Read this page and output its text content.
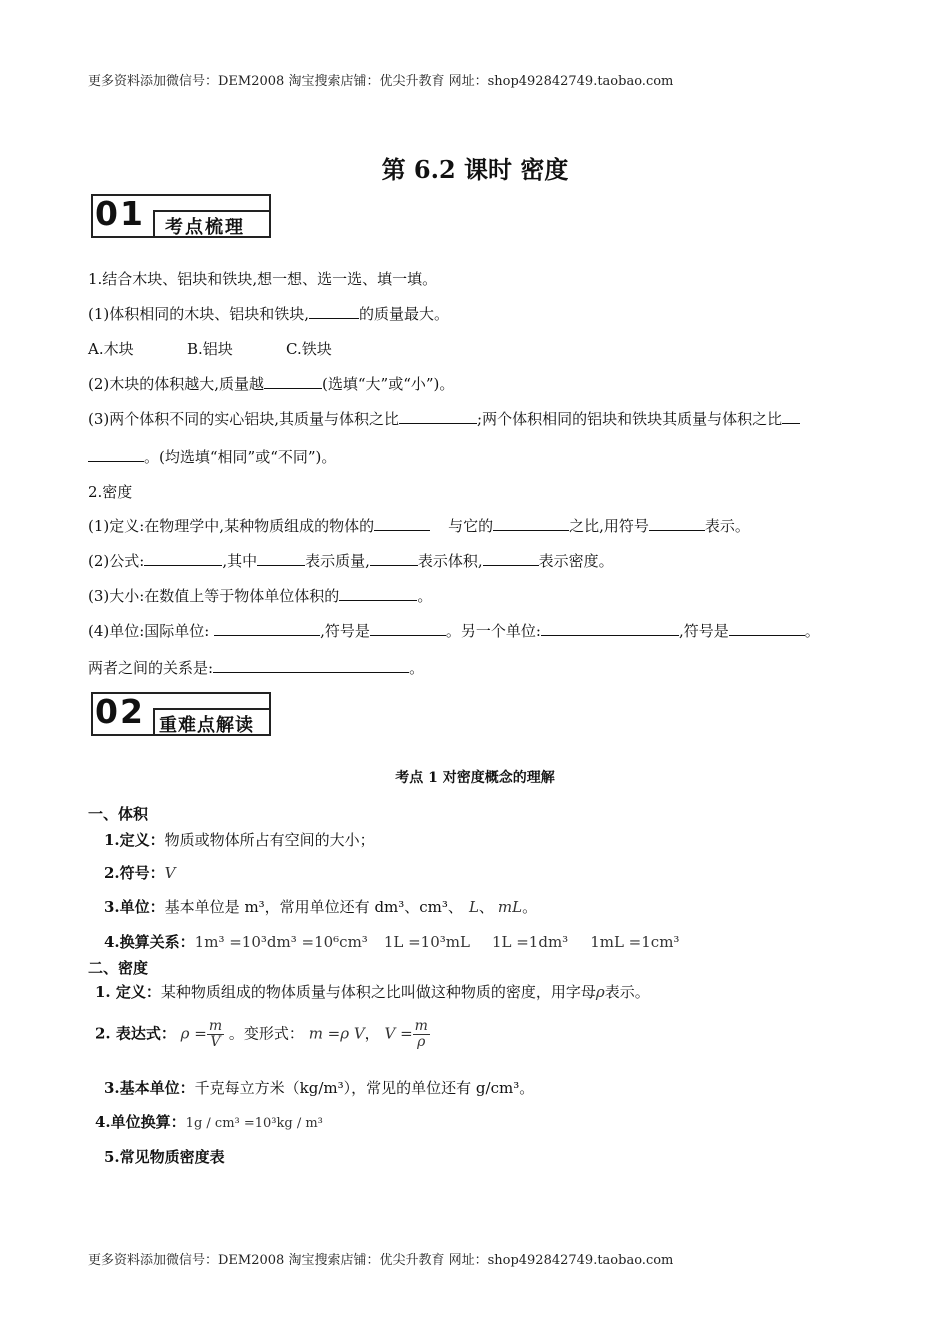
更多资料添加微信号：DEM2008 淘宝搜索店铺：优尖升教育 网址：shop492842749.taobao.com
第 6.2 课时 密度
01 考点梳理
1.结合木块、铝块和铁块,想一想、选一选、填一填。
(1)体积相同的木块、铝块和铁块,	的质量最大。
A.木块	B.铝块	C.铁块
(2)木块的体积越大,质量越	(选填“大”或“小”)。
(3)两个体积不同的实心铝块,其质量与体积之比	;两个体积相同的铝块和铁块其质量与体积之比
。(均选填“相同”或“不同”)。
2.密度
(1)定义:在物理学中,某种物质组成的物体的	与它的	之比,用符号	表示。
(2)公式:	,其中	表示质量,	表示体积,	表示密度。
(3)大小:在数值上等于物体单位体积的	。
(4)单位:国际单位:	,符号是	。另一个单位:	,符号是	。
两者之间的关系是:	。
02 重难点解读
考点 1 对密度概念的理解
一、体积
1.定义：物质或物体所占有空间的大小；
2.符号：V
3.单位：基本单位是 m³，常用单位还有 dm³、cm³、 L、 mL。
4.换算关系：1m³ =10³dm³ =10⁶cm³ 1L =10³mL 1L =1dm³ 1mL =1cm³
二、密度
1. 定义：某种物质组成的物体质量与体积之比叫做这种物质的密度，用字母ρ表示。
2. 表达式： $\rho = \frac{m}{V}$ 。变形式： m =ρ V， $V = \frac{m}{\rho}$
3.基本单位：千克每立方米（kg/m³），常见的单位还有 g/cm³。
4.单位换算：1g / cm³ =10³kg / m³
5.常见物质密度表
更多资料添加微信号：DEM2008 淘宝搜索店铺：优尖升教育 网址：shop492842749.taobao.com
